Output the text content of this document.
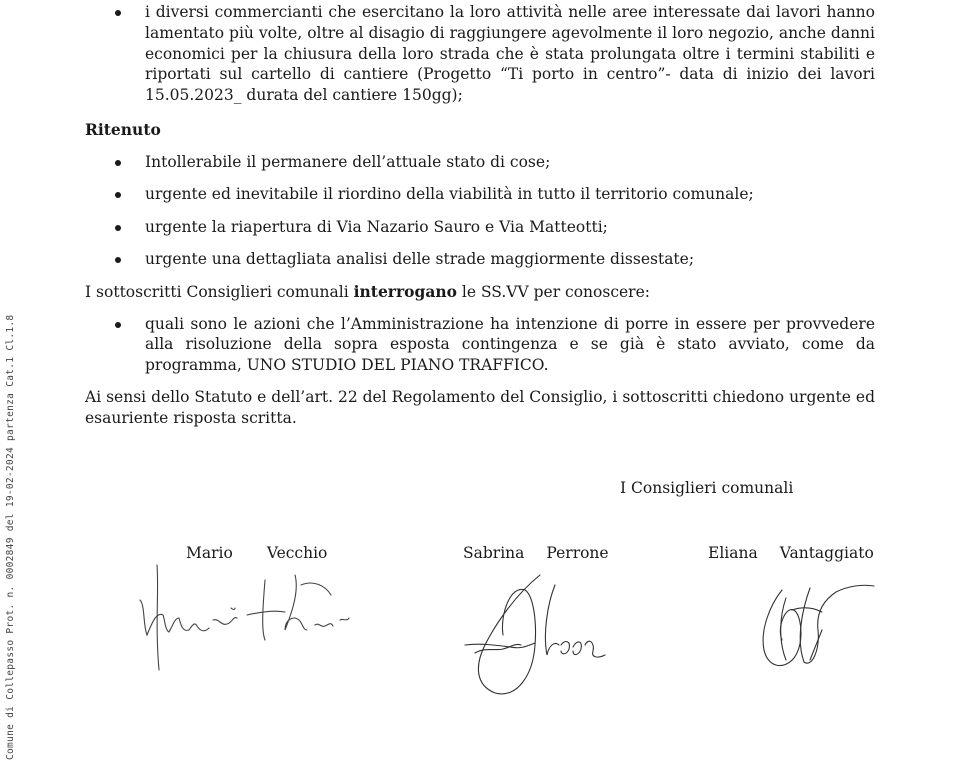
Comune di Collepasso Prot. n. 0002849 del 19-02-2024 partenza Cat.1 Cl.1.8
i diversi commercianti che esercitano la loro attività nelle aree interessate dai lavori hanno lamentato più volte, oltre al disagio di raggiungere agevolmente il loro negozio, anche danni economici per la chiusura della loro strada che è stata prolungata oltre i termini stabiliti e riportati sul cartello di cantiere (Progetto “Ti porto in centro”- data di inizio dei lavori 15.05.2023_ durata del cantiere 150gg);
Ritenuto
Intollerabile il permanere dell’attuale stato di cose;
urgente ed inevitabile il riordino della viabilità in tutto il territorio comunale;
urgente la riapertura di Via Nazario Sauro e Via Matteotti;
urgente una dettagliata analisi delle strade maggiormente dissestate;
I sottoscritti Consiglieri comunali interrogano le SS.VV per conoscere:
quali sono le azioni che l’Amministrazione ha intenzione di porre in essere per provvedere alla risoluzione della sopra esposta contingenza e se già è stato avviato, come da programma, UNO STUDIO DEL PIANO TRAFFICO.
Ai sensi dello Statuto e dell’art. 22 del Regolamento del Consiglio, i sottoscritti chiedono urgente ed esauriente risposta scritta.
I Consiglieri comunali
Mario Vecchio	Sabrina Perrone	Eliana Vantaggiato
